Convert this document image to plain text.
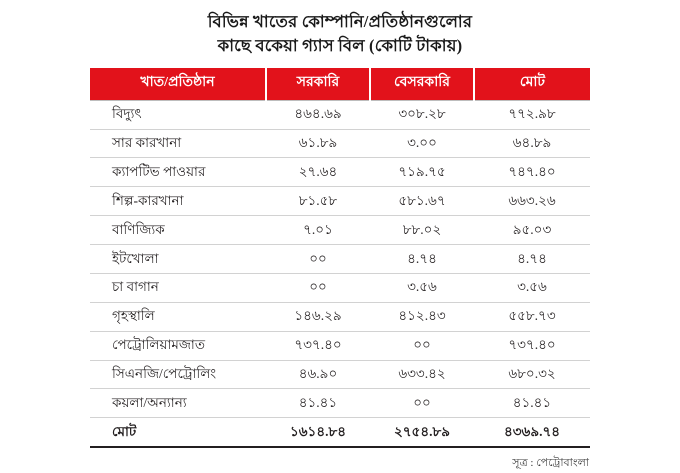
বিভিন্ন খাতের কোম্পানি/প্রতিষ্ঠানগুলোর
কাছে বকেয়া গ্যাস বিল (কোটি টাকায়)
খাত/প্রতিষ্ঠান	সরকারি	বেসরকারি	মোট
বিদ্যুৎ	৪৬৪.৬৯	৩০৮.২৮	৭৭২.৯৮
সার কারখানা	৬১.৮৯	৩.০০	৬৪.৮৯
ক্যাপটিভ পাওয়ার	২৭.৬৪	৭১৯.৭৫	৭৪৭.৪০
শিল্প-কারখানা	৮১.৫৮	৫৮১.৬৭	৬৬৩.২৬
বাণিজ্যিক	৭.০১	৮৮.০২	৯৫.০৩
ইটখোলা	০০	৪.৭৪	৪.৭৪
চা বাগান	০০	৩.৫৬	৩.৫৬
গৃহস্থালি	১৪৬.২৯	৪১২.৪৩	৫৫৮.৭৩
পেট্রোলিয়ামজাত	৭৩৭.৪০	০০	৭৩৭.৪০
সিএনজি/পেট্রোলিং	৪৬.৯০	৬৩৩.৪২	৬৮০.৩২
কয়লা/অন্যান্য	৪১.৪১	০০	৪১.৪১
মোট	১৬১৪.৮৪	২৭৫৪.৮৯	৪৩৬৯.৭৪
সূত্র : পেট্রোবাংলা
